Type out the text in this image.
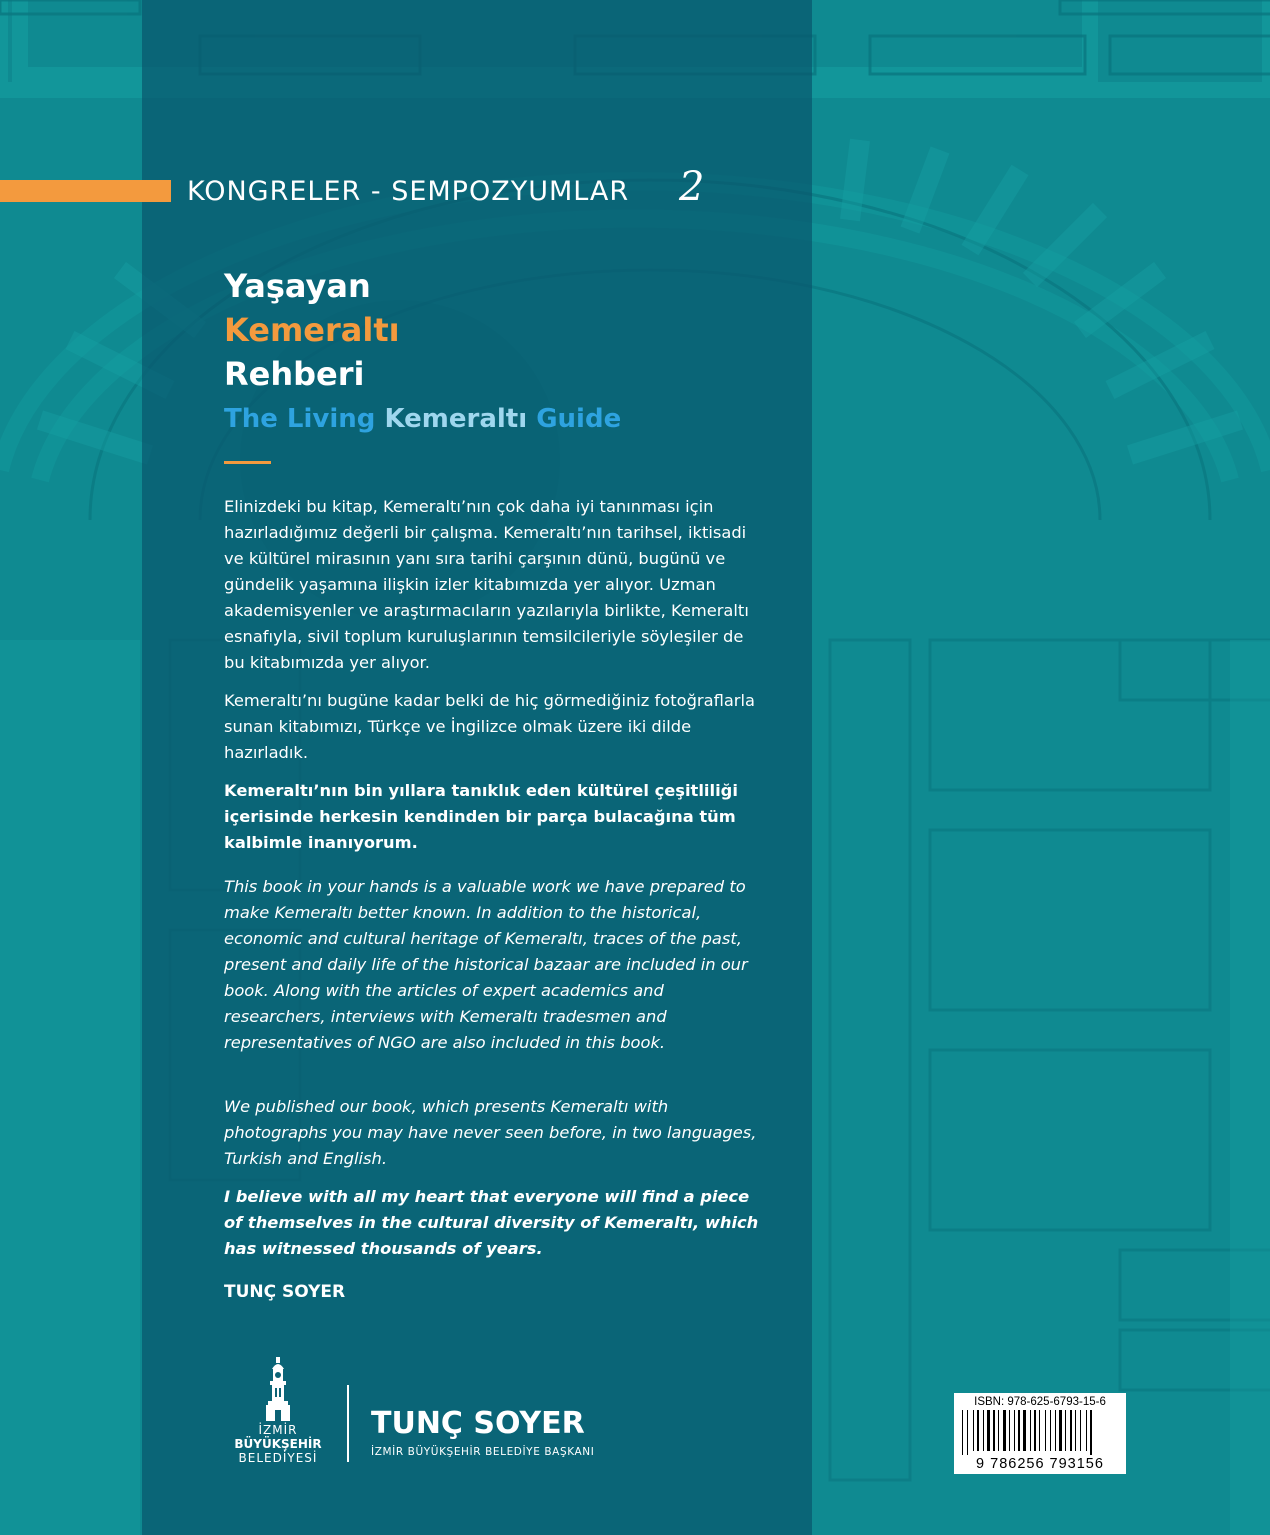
KONGRELER - SEMPOZYUMLAR 2
Yaşayan
Kemeraltı
Rehberi
The Living Kemeraltı Guide

Elinizdeki bu kitap, Kemeraltı’nın çok daha iyi tanınması için hazırladığımız değerli bir çalışma. Kemeraltı’nın tarihsel, iktisadi ve kültürel mirasının yanı sıra tarihi çarşının dünü, bugünü ve gündelik yaşamına ilişkin izler kitabımızda yer alıyor. Uzman akademisyenler ve araştırmacıların yazılarıyla birlikte, Kemeraltı esnafıyla, sivil toplum kuruluşlarının temsilcileriyle söyleşiler de bu kitabımızda yer alıyor.

Kemeraltı’nı bugüne kadar belki de hiç görmediğiniz fotoğraflarla sunan kitabımızı, Türkçe ve İngilizce olmak üzere iki dilde hazırladık.

Kemeraltı’nın bin yıllara tanıklık eden kültürel çeşitliliği içerisinde herkesin kendinden bir parça bulacağına tüm kalbimle inanıyorum.

This book in your hands is a valuable work we have prepared to make Kemeraltı better known. In addition to the historical, economic and cultural heritage of Kemeraltı, traces of the past, present and daily life of the historical bazaar are included in our book. Along with the articles of expert academics and researchers, interviews with Kemeraltı tradesmen and representatives of NGO are also included in this book.

We published our book, which presents Kemeraltı with photographs you may have never seen before, in two languages, Turkish and English.

I believe with all my heart that everyone will find a piece of themselves in the cultural diversity of Kemeraltı, which has witnessed thousands of years.

TUNÇ SOYER
İZMİR
BÜYÜKŞEHİR
BELEDİYESİ
TUNÇ SOYER
İZMİR BÜYÜKŞEHİR BELEDİYE BAŞKANI
ISBN: 978-625-6793-15-6
9 786256 793156
